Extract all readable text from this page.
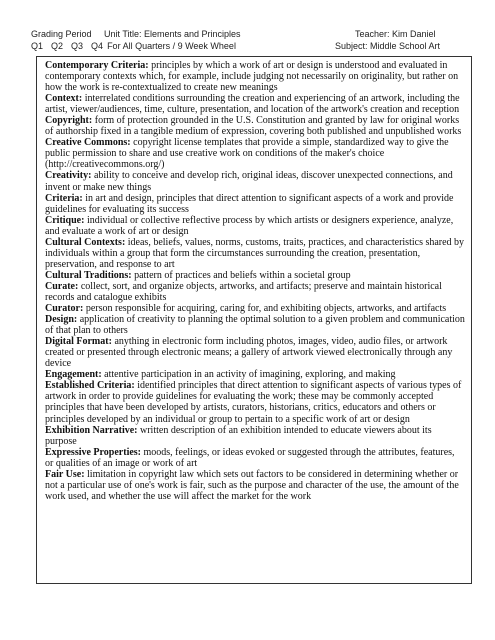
Grading Period Unit Title: Elements and Principles	Teacher: Kim Daniel
Q1 Q2 Q3 Q4 For All Quarters / 9 Week Wheel	Subject: Middle School Art

Contemporary Criteria: principles by which a work of art or design is understood and evaluated in contemporary contexts which, for example, include judging not necessarily on originality, but rather on how the work is re-contextualized to create new meanings

Context: interrelated conditions surrounding the creation and experiencing of an artwork, including the artist, viewer/audiences, time, culture, presentation, and location of the artwork's creation and reception

Copyright: form of protection grounded in the U.S. Constitution and granted by law for original works of authorship fixed in a tangible medium of expression, covering both published and unpublished works

Creative Commons: copyright license templates that provide a simple, standardized way to give the public permission to share and use creative work on conditions of the maker's choice (http://creativecommons.org/)

Creativity: ability to conceive and develop rich, original ideas, discover unexpected connections, and invent or make new things

Criteria: in art and design, principles that direct attention to significant aspects of a work and provide guidelines for evaluating its success

Critique: individual or collective reflective process by which artists or designers experience, analyze, and evaluate a work of art or design

Cultural Contexts: ideas, beliefs, values, norms, customs, traits, practices, and characteristics shared by individuals within a group that form the circumstances surrounding the creation, presentation, preservation, and response to art

Cultural Traditions: pattern of practices and beliefs within a societal group

Curate: collect, sort, and organize objects, artworks, and artifacts; preserve and maintain historical records and catalogue exhibits

Curator: person responsible for acquiring, caring for, and exhibiting objects, artworks, and artifacts

Design: application of creativity to planning the optimal solution to a given problem and communication of that plan to others

Digital Format: anything in electronic form including photos, images, video, audio files, or artwork created or presented through electronic means; a gallery of artwork viewed electronically through any device

Engagement: attentive participation in an activity of imagining, exploring, and making

Established Criteria: identified principles that direct attention to significant aspects of various types of artwork in order to provide guidelines for evaluating the work; these may be commonly accepted principles that have been developed by artists, curators, historians, critics, educators and others or principles developed by an individual or group to pertain to a specific work of art or design

Exhibition Narrative: written description of an exhibition intended to educate viewers about its purpose

Expressive Properties: moods, feelings, or ideas evoked or suggested through the attributes, features, or qualities of an image or work of art

Fair Use: limitation in copyright law which sets out factors to be considered in determining whether or not a particular use of one's work is fair, such as the purpose and character of the use, the amount of the work used, and whether the use will affect the market for the work
